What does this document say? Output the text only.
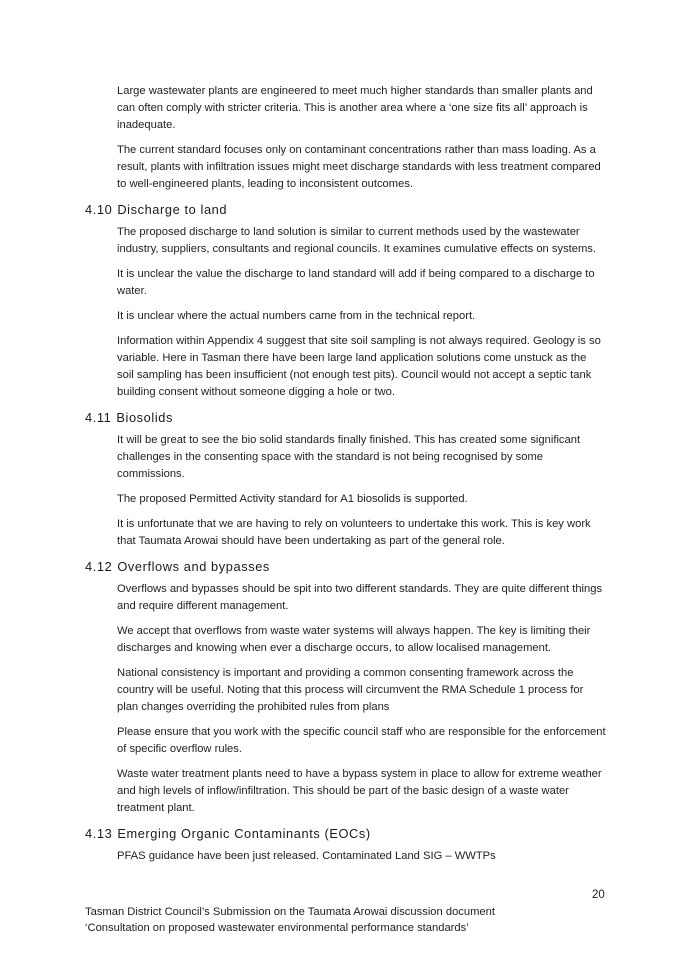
Large wastewater plants are engineered to meet much higher standards than smaller plants and can often comply with stricter criteria. This is another area where a ‘one size fits all’ approach is inadequate.

The current standard focuses only on contaminant concentrations rather than mass loading. As a result, plants with infiltration issues might meet discharge standards with less treatment compared to well-engineered plants, leading to inconsistent outcomes.

4.10 Discharge to land

The proposed discharge to land solution is similar to current methods used by the wastewater industry, suppliers, consultants and regional councils. It examines cumulative effects on systems.

It is unclear the value the discharge to land standard will add if being compared to a discharge to water.

It is unclear where the actual numbers came from in the technical report.

Information within Appendix 4 suggest that site soil sampling is not always required. Geology is so variable. Here in Tasman there have been large land application solutions come unstuck as the soil sampling has been insufficient (not enough test pits). Council would not accept a septic tank building consent without someone digging a hole or two.

4.11 Biosolids

It will be great to see the bio solid standards finally finished. This has created some significant challenges in the consenting space with the standard is not being recognised by some commissions.

The proposed Permitted Activity standard for A1 biosolids is supported.

It is unfortunate that we are having to rely on volunteers to undertake this work. This is key work that Taumata Arowai should have been undertaking as part of the general role.

4.12 Overflows and bypasses

Overflows and bypasses should be spit into two different standards. They are quite different things and require different management.

We accept that overflows from waste water systems will always happen. The key is limiting their discharges and knowing when ever a discharge occurs, to allow localised management.

National consistency is important and providing a common consenting framework across the country will be useful. Noting that this process will circumvent the RMA Schedule 1 process for plan changes overriding the prohibited rules from plans

Please ensure that you work with the specific council staff who are responsible for the enforcement of specific overflow rules.

Waste water treatment plants need to have a bypass system in place to allow for extreme weather and high levels of inflow/infiltration. This should be part of the basic design of a waste water treatment plant.

4.13 Emerging Organic Contaminants (EOCs)

PFAS guidance have been just released. Contaminated Land SIG – WWTPs

20
Tasman District Council’s Submission on the Taumata Arowai discussion document
‘Consultation on proposed wastewater environmental performance standards’
